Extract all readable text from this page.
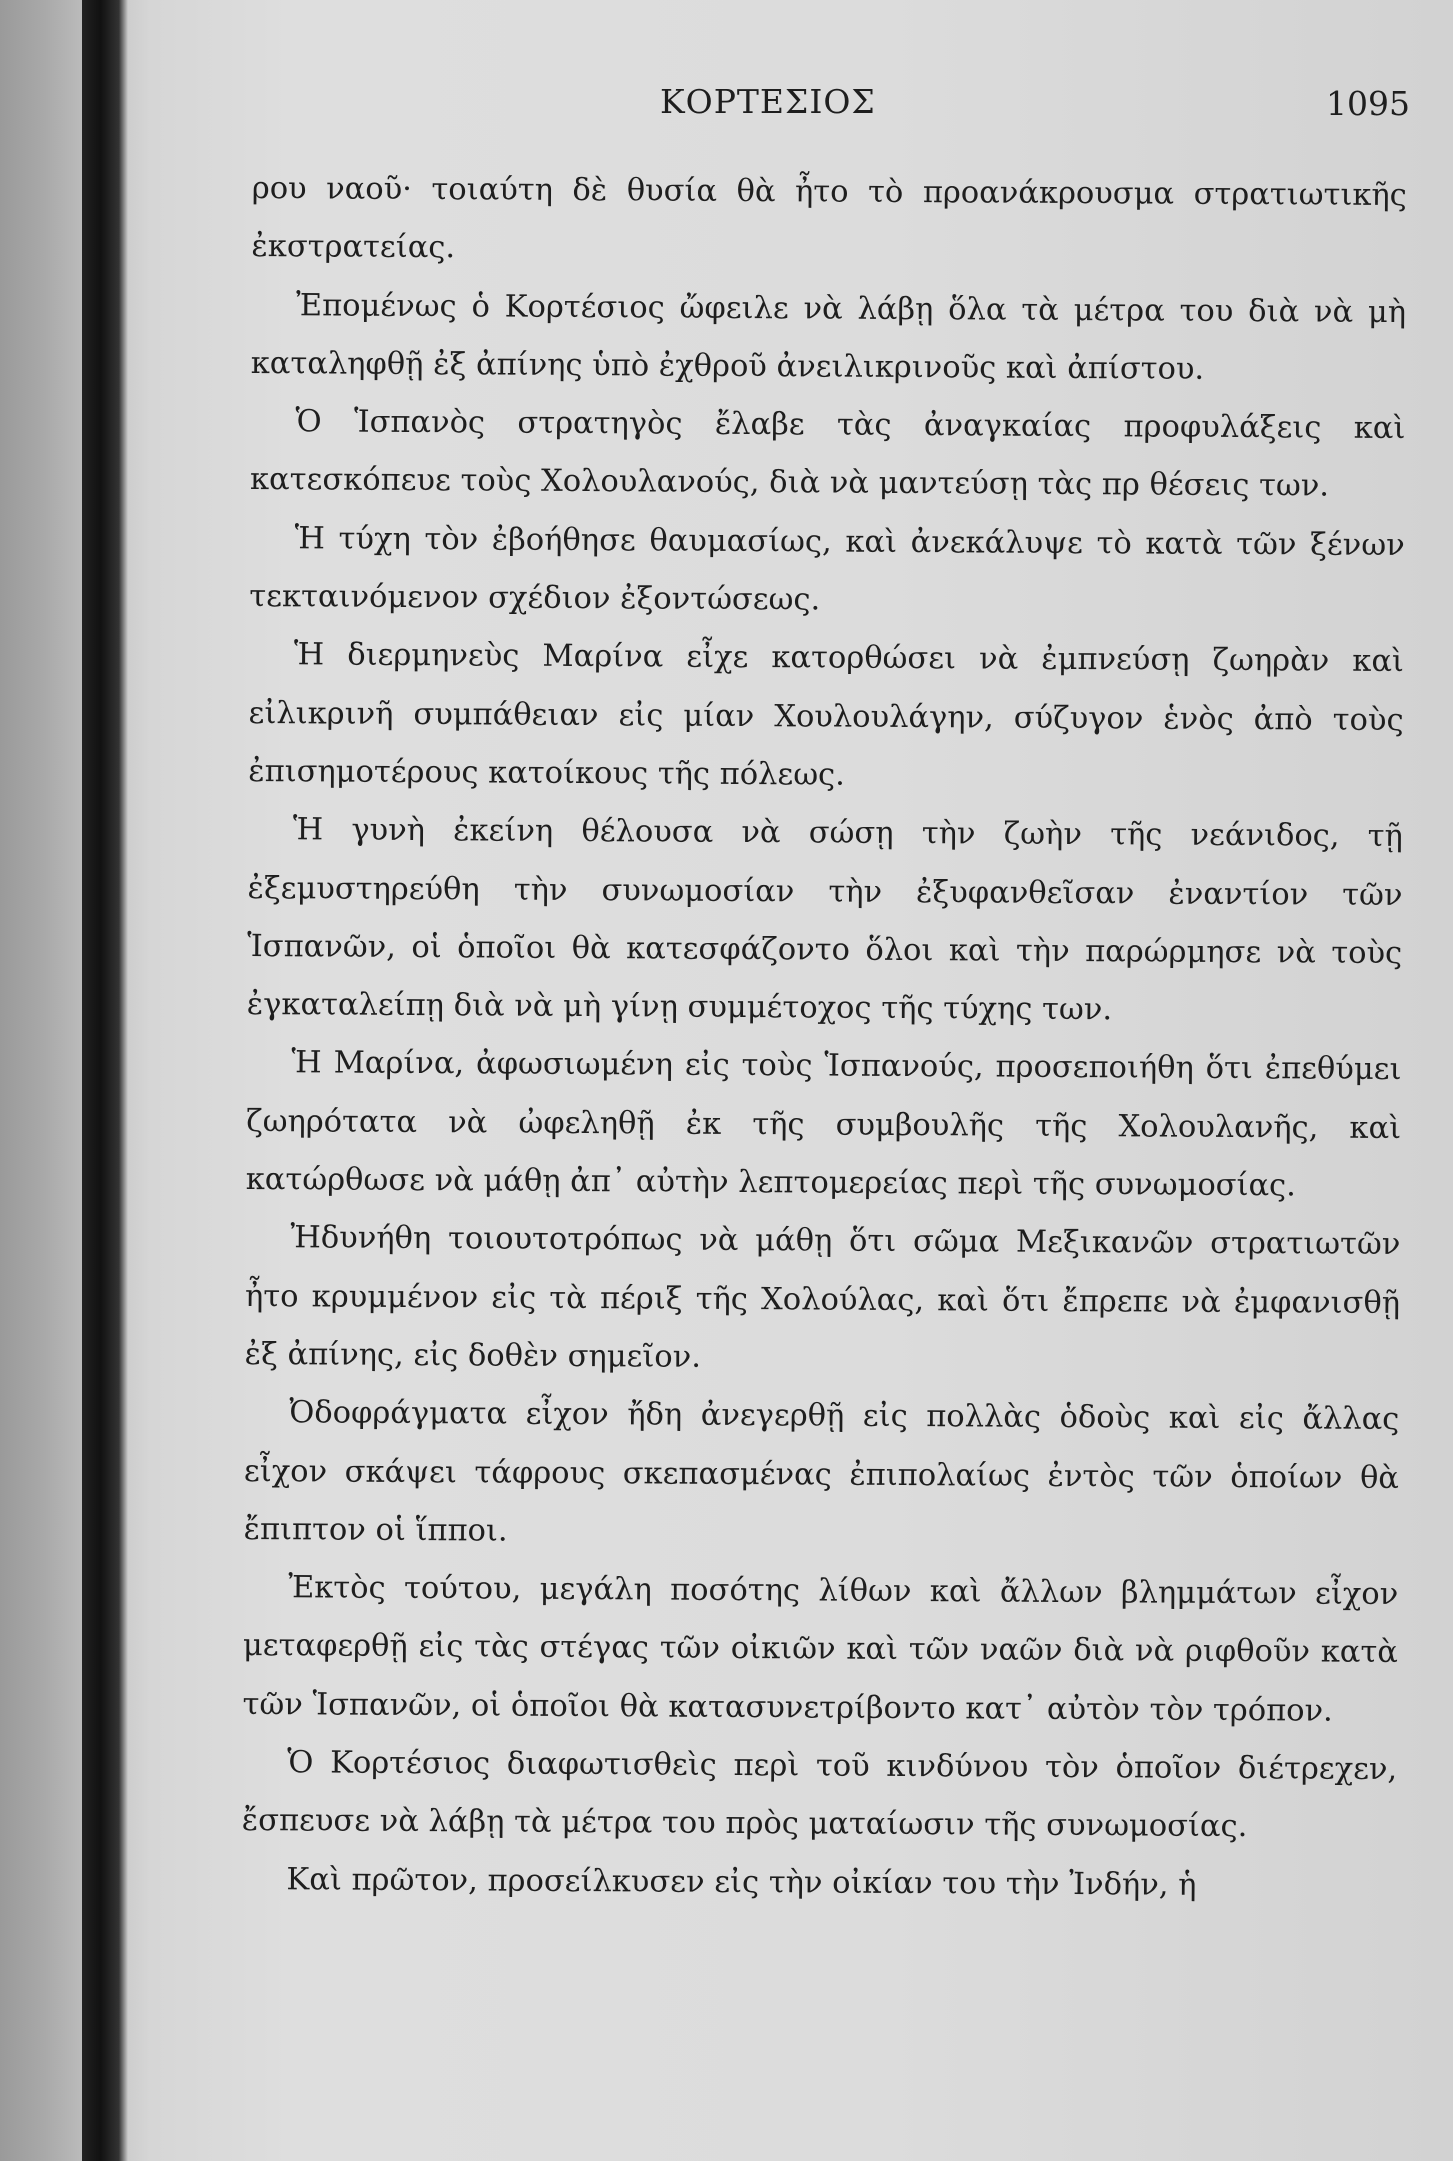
ΚΟΡΤΕΣΙΟΣ	1095

ρου ναοῦ· τοιαύτη δὲ θυσία θὰ ἦτο τὸ προανάκρουσμα στρατιωτικῆς ἐκστρατείας.

Ἐπομένως ὁ Κορτέσιος ὤφειλε νὰ λάβῃ ὅλα τὰ μέτρα του διὰ νὰ μὴ καταληφθῇ ἐξ ἀπίνης ὑπὸ ἐχθροῦ ἀνειλικρινοῦς καὶ ἀπίστου.

Ὁ Ἱσπανὸς στρατηγὸς ἔλαβε τὰς ἀναγκαίας προφυλάξεις καὶ κατεσκόπευε τοὺς Χολουλανούς, διὰ νὰ μαντεύσῃ τὰς πρ θέσεις των.

Ἡ τύχη τὸν ἐβοήθησε θαυμασίως, καὶ ἀνεκάλυψε τὸ κατὰ τῶν ξένων τεκταινόμενον σχέδιον ἐξοντώσεως.

Ἡ διερμηνεὺς Μαρίνα εἶχε κατορθώσει νὰ ἐμπνεύσῃ ζωηρὰν καὶ εἰλικρινῆ συμπάθειαν εἰς μίαν Χουλουλάγην, σύζυγον ἑνὸς ἀπὸ τοὺς ἐπισημοτέρους κατοίκους τῆς πόλεως.

Ἡ γυνὴ ἐκείνη θέλουσα νὰ σώσῃ τὴν ζωὴν τῆς νεάνιδος, τῇ ἐξεμυστηρεύθη τὴν συνωμοσίαν τὴν ἐξυφανθεῖσαν ἐναντίον τῶν Ἱσπανῶν, οἱ ὁποῖοι θὰ κατεσφάζοντο ὅλοι καὶ τὴν παρώρμησε νὰ τοὺς ἐγκαταλείπῃ διὰ νὰ μὴ γίνῃ συμμέτοχος τῆς τύχης των.

Ἡ Μαρίνα, ἀφωσιωμένη εἰς τοὺς Ἱσπανούς, προσεποιήθη ὅτι ἐπεθύμει ζωηρότατα νὰ ὠφεληθῇ ἐκ τῆς συμβουλῆς τῆς Χολουλανῆς, καὶ κατώρθωσε νὰ μάθῃ ἀπ᾽ αὐτὴν λεπτομερείας περὶ τῆς συνωμοσίας.

Ἠδυνήθη τοιουτοτρόπως νὰ μάθῃ ὅτι σῶμα Μεξικανῶν στρατιωτῶν ἦτο κρυμμένον εἰς τὰ πέριξ τῆς Χολούλας, καὶ ὅτι ἔπρεπε νὰ ἐμφανισθῇ ἐξ ἀπίνης, εἰς δοθὲν σημεῖον.

Ὀδοφράγματα εἶχον ἤδη ἀνεγερθῇ εἰς πολλὰς ὁδοὺς καὶ εἰς ἄλλας εἶχον σκάψει τάφρους σκεπασμένας ἐπιπολαίως ἐντὸς τῶν ὁποίων θὰ ἔπιπτον οἱ ἵπποι.

Ἐκτὸς τούτου, μεγάλη ποσότης λίθων καὶ ἄλλων βλημμάτων εἶχον μεταφερθῇ εἰς τὰς στέγας τῶν οἰκιῶν καὶ τῶν ναῶν διὰ νὰ ριφθοῦν κατὰ τῶν Ἱσπανῶν, οἱ ὁποῖοι θὰ κατασυνετρίβοντο κατ᾽ αὐτὸν τὸν τρόπον.

Ὁ Κορτέσιος διαφωτισθεὶς περὶ τοῦ κινδύνου τὸν ὁποῖον διέτρεχεν, ἔσπευσε νὰ λάβῃ τὰ μέτρα του πρὸς ματαίωσιν τῆς συνωμοσίας.

Καὶ πρῶτον, προσείλκυσεν εἰς τὴν οἰκίαν του τὴν Ἰνδήν, ἡ
